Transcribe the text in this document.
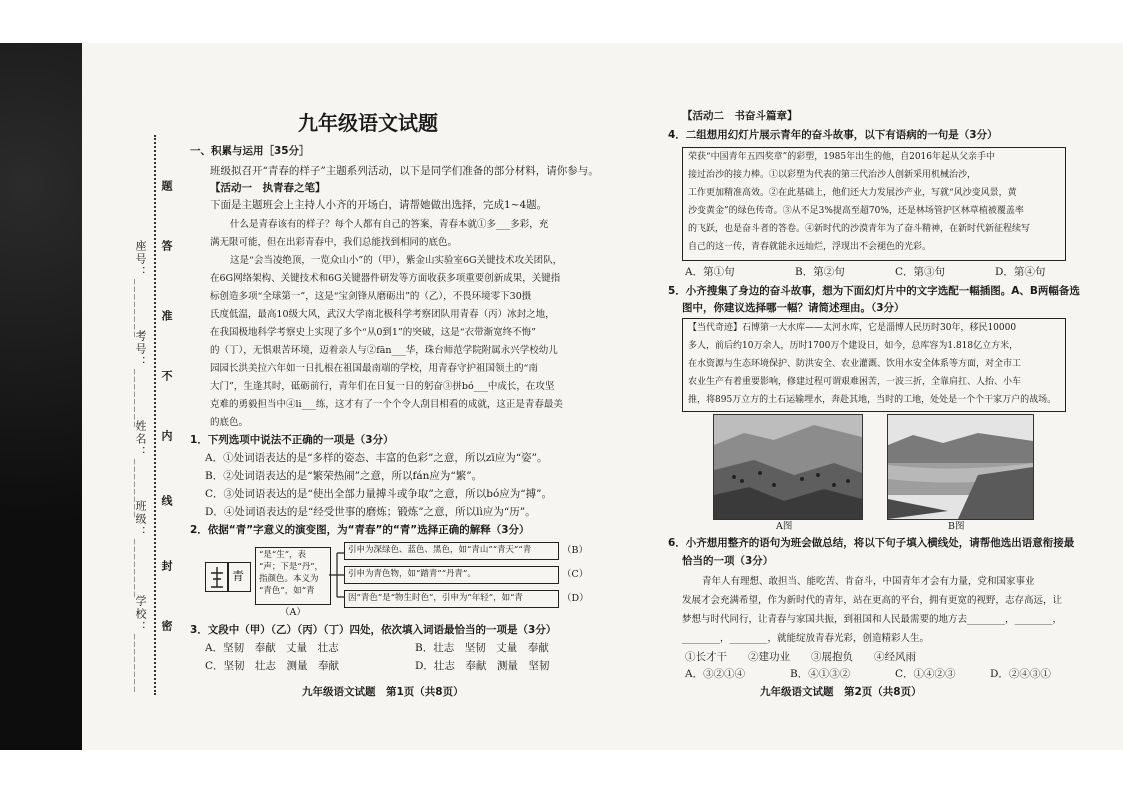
学校：________
班级：________
姓名：________
考号：________
座号：________
密
封
线
内
不
准
答
题
九年级语文试题
一、积累与运用［35分］
班级拟召开“青春的样子”主题系列活动，以下是同学们准备的部分材料，请你参与。
【活动一　执青春之笔】
下面是主题班会上主持人小齐的开场白，请帮她做出选择，完成1~4题。
什么是青春该有的样子？每个人都有自己的答案，青春本就①多___多彩，充
满无限可能，但在出彩青春中，我们总能找到相同的底色。
这是“会当凌绝顶，一览众山小”的（甲），紫金山实验室6G关键技术攻关团队，
在6G网络架构、关键技术和6G关键器件研发等方面收获多项重要创新成果，关键指
标创造多项“全球第一”，这是“宝剑锋从磨砺出”的（乙），不畏环境零下30摄
氏度低温，最高10级大风，武汉大学南北极科学考察团队用青春（丙）冰封之地，
在我国极地科学考察史上实现了多个“从0到1”的突破，这是“衣带渐宽终不悔”
的（丁），无惧艰苦环境，迈着亲人与②fān___华，珠台师范学院附属永兴学校幼儿
园园长洪美拉六年如一日扎根在祖国最南端的学校，用青春守护祖国领土的“南
大门”，生逢其时，砥砺前行，青年们在日复一日的躬奋③拼bó___中成长，在攻坚
克难的勇毅担当中④li___练，这才有了一个个令人刮目相看的成就，这正是青春最美
的底色。
1．下列选项中说法不正确的一项是（3分）
A．①处词语表达的是“多样的姿态、丰富的色彩”之意，所以zī应为“姿”。
B．②处词语表达的是“繁荣热闹”之意，所以fán应为“繁”。
C．③处词语表达的是“使出全部力量搏斗或争取”之意，所以bó应为“搏”。
D．④处词语表达的是“经受世事的磨炼；锻炼”之意，所以lì应为“历”。
2．依据“青”字意义的演变图，为“青春”的“青”选择正确的解释（3分）
青
“是“生”，表
“声；下是“丹”，
指颜色。本义为
“青色”，如“青
（A）
引申为深绿色、蓝色、黑色，如“青山”“青天”“青	（B）
引申为青色物，如“踏青”“丹青”。	（C）
因“青色”是“物生时色”，引申为“年轻”，如“青	（D）
3．文段中（甲）（乙）（丙）（丁）四处，依次填入词语最恰当的一项是（3分）
A．坚韧　奉献　丈量　壮志	B．壮志　坚韧　丈量　奉献
C．坚韧　壮志　测量　奉献	D．壮志　奉献　测量　坚韧
九年级语文试题　第1页（共8页）
【活动二　书奋斗篇章】
4．二组想用幻灯片展示青年的奋斗故事，以下有语病的一句是（3分）
荣获“中国青年五四奖章”的彩塑，1985年出生的他，自2016年起从父亲手中
接过治沙的接力棒。①以彩塑为代表的第三代治沙人创新采用机械治沙，
工作更加精准高效。②在此基础上，他们还大力发展沙产业，写就“风沙变风景，黄
沙变黄金”的绿色传奇。③从不足3%提高至超70%，还是林场管护区林草植被覆盖率
的飞跃，也是奋斗者的答卷。④新时代的沙漠青年为了奋斗精神，在新时代新征程续写
自己的这一传，青春就能永远灿烂，浮现出不会褪色的光彩。
A．第①句	B．第②句	C．第③句	D．第④句
5．小齐搜集了身边的奋斗故事，想为下面幻灯片中的文字选配一幅插图。A、B两幅备选
图中，你建议选择哪一幅？请简述理由。（3分）
【当代奇迹】石博第一大水库——太河水库，它是淄博人民历时30年，移民10000
多人，前后约10万余人，历时1700万个建设日，如今，总库容为1.818亿立方米，
在水资源与生态环境保护、防洪安全、农业灌溉、饮用水安全体系等方面，对全市工
农业生产有着重要影响，修建过程可谓艰难困苦，一波三折，全靠肩扛、人抬、小车
推，将895万立方的土石运输埋水，奔赴其地，当时的工地，处处是一个个干家万户的战场。
A图	B图
6．小齐想用整齐的语句为班会做总结，将以下句子填入横线处，请帮他选出语意衔接最
恰当的一项（3分）
青年人有理想、敢担当、能吃苦、肯奋斗，中国青年才会有力量，党和国家事业
发展才会充满希望，作为新时代的青年，站在更高的平台，拥有更宽的视野，志存高远，让
梦想与时代同行，让青春与家国共振，到祖国和人民最需要的地方去________，________，
________，________，就能绽放青春光彩，创造精彩人生。
①长才干　　②建功业　　③展抱负　　④经风雨
A．③②①④	B．④①③②	C．①④②③	D．②④③①
九年级语文试题　第2页（共8页）
